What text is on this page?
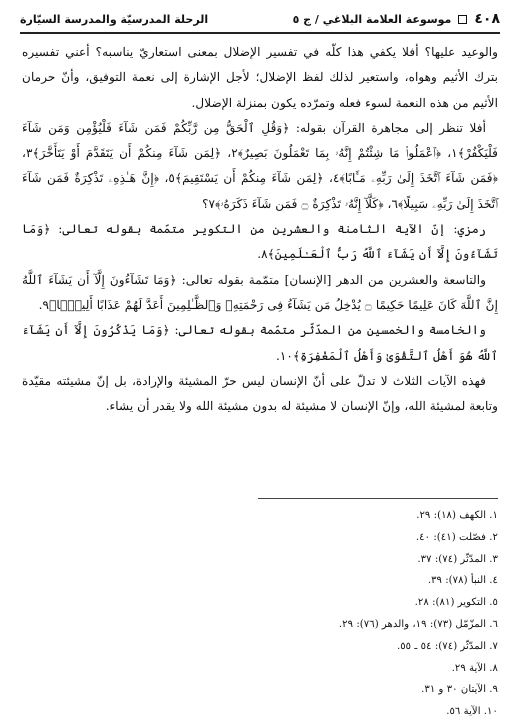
٤٠٨
موسوعة العلامة البلاغي / ج ٥
الرحلة المدرسيّة والمدرسة السيّارة

والوعيد عليها؟ أفلا يكفي هذا كلّه في تفسير الإضلال بمعنى استعاريّ يناسبه؟ أعني تفسيره بترك الأثيم وهواه، واستعير لذلك لفظ الإضلال؛ لأجل الإشارة إلى نعمة التوفيق، وأنّ حرمان الأثيم من هذه النعمة لسوء فعله وتمرّده يكون بمنزلة الإضلال.

أفلا تنظر إلى مجاهرة القرآن بقوله: ﴿وَقُلِ ٱلْحَقُّ مِن رَّبِّكُمْ فَمَن شَآءَ فَلْيُؤْمِن وَمَن شَآءَ فَلْيَكْفُرْ﴾١، ﴿ٱعْمَلُوا۟ مَا شِئْتُمْ إِنَّهُۥ بِمَا تَعْمَلُونَ بَصِيرٌ﴾٢، ﴿لِمَن شَآءَ مِنكُمْ أَن يَتَقَدَّمَ أَوْ يَتَأَخَّرَ﴾٣، ﴿فَمَن شَآءَ ٱتَّخَذَ إِلَىٰ رَبِّهِۦ مَـَٔابًا﴾٤، ﴿لِمَن شَآءَ مِنكُمْ أَن يَسْتَقِيمَ﴾٥، ﴿إِنَّ هَـٰذِهِۦ تَذْكِرَةٌ فَمَن شَآءَ ٱتَّخَذَ إِلَىٰ رَبِّهِۦ سَبِيلًا﴾٦، ﴿كَلَّآ إِنَّهُۥ تَذْكِرَةٌ ۝ فَمَن شَآءَ ذَكَرَهُۥ﴾٧؟

رمزي: إنّ الآية الثامنة والعشرين من التكوير متمّمة بقوله تعالى: ﴿وَمَا تَشَآءُونَ إِلَّآ أَن يَشَآءَ ٱللَّهُ رَبُّ ٱلْعَـٰلَمِينَ﴾٨.

والتاسعة والعشرين من الدهر [الإنسان] متمّمة بقوله تعالى: ﴿وَمَا تَشَآءُونَ إِلَّآ أَن يَشَآءَ ٱللَّهُ إِنَّ ٱللَّهَ كَانَ عَلِيمًا حَكِيمًا ۝ يُدْخِلُ مَن يَشَآءُ فِى رَحْمَتِهِۦ وَٱلظَّـٰلِمِينَ أَعَدَّ لَهُمْ عَذَابًا أَلِيمًۢا﴾٩.

والخامسة والخمسين من المدّثّر متمّمة بقوله تعالى: ﴿وَمَا يَذْكُرُونَ إِلَّآ أَن يَشَآءَ ٱللَّهُ هُوَ أَهْلُ ٱلتَّقْوَىٰ وَأَهْلُ ٱلْمَغْفِرَةِ﴾١٠.

فهذه الآيات الثلاث لا تدلّ على أنّ الإنسان ليس حرّ المشيئة والإرادة، بل إنّ مشيئته مقيّدة وتابعة لمشيئة الله، وإنّ الإنسان لا مشيئة له بدون مشيئة الله ولا يقدر أن يشاء.

١. الكهف (١٨): ٢٩.
٢. فصّلت (٤١): ٤٠.
٣. المدّثّر (٧٤): ٣٧.
٤. النبأ (٧٨): ٣٩.
٥. التكوير (٨١): ٢٨.
٦. المزّمّل (٧٣): ١٩، والدهر (٧٦): ٢٩.
٧. المدّثّر (٧٤): ٥٤ ـ ٥٥.
٨. الآية ٢٩.
٩. الآيتان ٣٠ و ٣١.
١٠. الآية ٥٦.
